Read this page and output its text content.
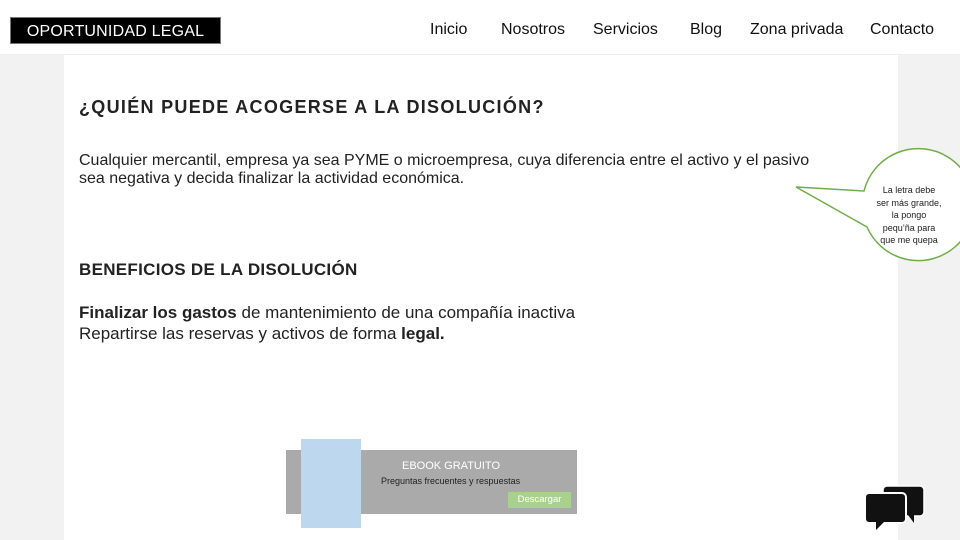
OPORTUNIDAD LEGAL	Inicio Nosotros Servicios Blog Zona privada Contacto
¿QUIÉN PUEDE ACOGERSE A LA DISOLUCIÓN?

Cualquier mercantil, empresa ya sea PYME o microempresa, cuya diferencia entre el activo y el pasivo
sea negativa y decida finalizar la actividad económica.

BENEFICIOS DE LA DISOLUCIÓN

Finalizar los gastos de mantenimiento de una compañía inactiva

Repartirse las reservas y activos de forma legal.

La letra debe
ser más grande,
la pongo
pequ’ña para
que me quepa
EBOOK GRATUITO
Preguntas frecuentes y respuestas
Descargar
